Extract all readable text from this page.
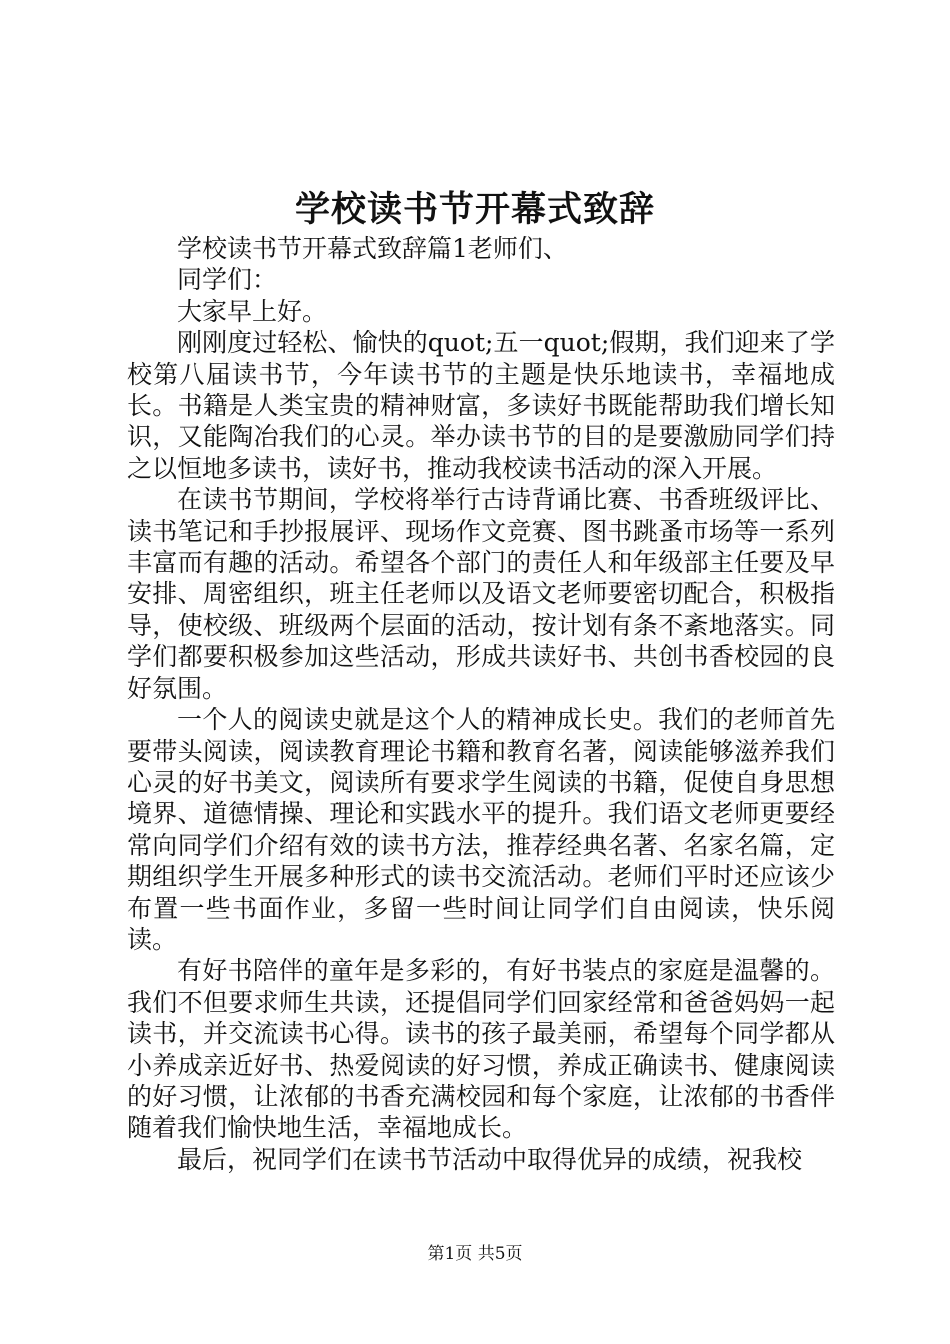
学校读书节开幕式致辞

学校读书节开幕式致辞篇1老师们、

同学们：

大家早上好。

刚刚度过轻松、愉快的quot;五一quot;假期，我们迎来了学校第八届读书节，今年读书节的主题是快乐地读书，幸福地成长。书籍是人类宝贵的精神财富，多读好书既能帮助我们增长知识，又能陶冶我们的心灵。举办读书节的目的是要激励同学们持之以恒地多读书，读好书，推动我校读书活动的深入开展。

在读书节期间，学校将举行古诗背诵比赛、书香班级评比、读书笔记和手抄报展评、现场作文竞赛、图书跳蚤市场等一系列丰富而有趣的活动。希望各个部门的责任人和年级部主任要及早安排、周密组织，班主任老师以及语文老师要密切配合，积极指导，使校级、班级两个层面的活动，按计划有条不紊地落实。同学们都要积极参加这些活动，形成共读好书、共创书香校园的良好氛围。

一个人的阅读史就是这个人的精神成长史。我们的老师首先要带头阅读，阅读教育理论书籍和教育名著，阅读能够滋养我们心灵的好书美文，阅读所有要求学生阅读的书籍，促使自身思想境界、道德情操、理论和实践水平的提升。我们语文老师更要经常向同学们介绍有效的读书方法，推荐经典名著、名家名篇，定期组织学生开展多种形式的读书交流活动。老师们平时还应该少布置一些书面作业，多留一些时间让同学们自由阅读，快乐阅读。

有好书陪伴的童年是多彩的，有好书装点的家庭是温馨的。我们不但要求师生共读，还提倡同学们回家经常和爸爸妈妈一起读书，并交流读书心得。读书的孩子最美丽，希望每个同学都从小养成亲近好书、热爱阅读的好习惯，养成正确读书、健康阅读的好习惯，让浓郁的书香充满校园和每个家庭，让浓郁的书香伴随着我们愉快地生活，幸福地成长。

最后，祝同学们在读书节活动中取得优异的成绩，祝我校

第1页 共5页
